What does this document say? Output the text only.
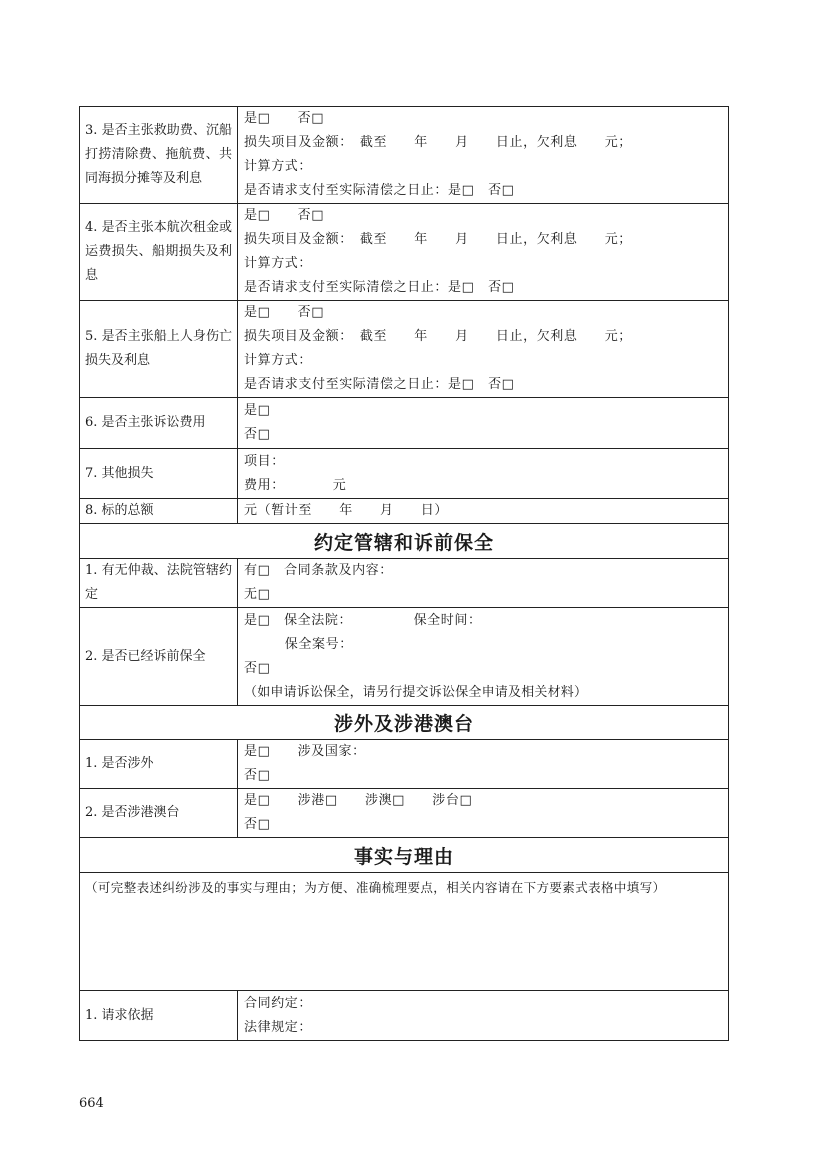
3. 是否主张救助费、沉船打捞清除费、拖航费、共同海损分摊等及利息
是□　　否□
损失项目及金额：　截至　　年　　月　　日止，欠利息　　元；
计算方式：
是否请求支付至实际清偿之日止：是□　否□
4. 是否主张本航次租金或运费损失、船期损失及利息
是□　　否□
损失项目及金额：　截至　　年　　月　　日止，欠利息　　元；
计算方式：
是否请求支付至实际清偿之日止：是□　否□
5. 是否主张船上人身伤亡损失及利息
是□　　否□
损失项目及金额：　截至　　年　　月　　日止，欠利息　　元；
计算方式：
是否请求支付至实际清偿之日止：是□　否□
6. 是否主张诉讼费用
是□
否□
7. 其他损失
项目：
费用：　　　　元
8. 标的总额	元（暂计至　　年　　月　　日）
约定管辖和诉前保全
1. 有无仲裁、法院管辖约定
有□　合同条款及内容：
无□
2. 是否已经诉前保全
是□　保全法院：　　　　　保全时间：
　　　保全案号：
否□
（如申请诉讼保全，请另行提交诉讼保全申请及相关材料）
涉外及涉港澳台
1. 是否涉外
是□　　涉及国家：
否□
2. 是否涉港澳台
是□　　涉港□　　涉澳□　　涉台□
否□
事实与理由
（可完整表述纠纷涉及的事实与理由；为方便、准确梳理要点，相关内容请在下方要素式表格中填写）
1. 请求依据
合同约定：
法律规定：
664
